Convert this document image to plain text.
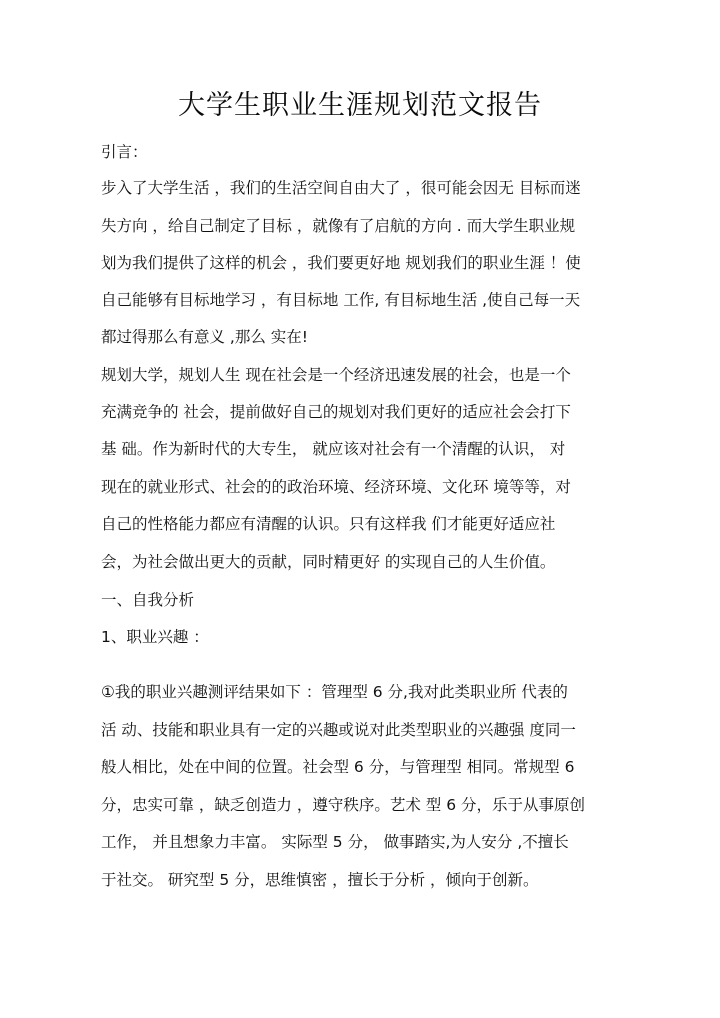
大学生职业生涯规划范文报告
引言：
步入了大学生活 ，我们的生活空间自由大了 ，很可能会因无 目标而迷
失方向 ，给自己制定了目标 ，就像有了启航的方向 . 而大学生职业规
划为我们提供了这样的机会 ，我们要更好地 规划我们的职业生涯 ！使
自己能够有目标地学习 ，有目标地 工作, 有目标地生活 ,使自己每一天
都过得那么有意义 ,那么 实在!
规划大学，规划人生 现在社会是一个经济迅速发展的社会，也是一个
充满竞争的 社会，提前做好自己的规划对我们更好的适应社会会打下
基 础。作为新时代的大专生， 就应该对社会有一个清醒的认识， 对
现在的就业形式、社会的的政治环境、经济环境、文化环 境等等，对
自己的性格能力都应有清醒的认识。只有这样我 们才能更好适应社
会，为社会做出更大的贡献，同时精更好 的实现自己的人生价值。
一、自我分析
1、职业兴趣 ：
①我的职业兴趣测评结果如下 ：管理型 6 分,我对此类职业所 代表的
活 动、技能和职业具有一定的兴趣或说对此类型职业的兴趣强 度同一
般人相比，处在中间的位置。社会型 6 分，与管理型 相同。常规型 6
分，忠实可靠 ，缺乏创造力 ，遵守秩序。艺术 型 6 分，乐于从事原创
工作， 并且想象力丰富。 实际型 5 分， 做事踏实,为人安分 ,不擅长
于社交。 研究型 5 分，思维慎密 ，擅长于分析 ，倾向于创新。
